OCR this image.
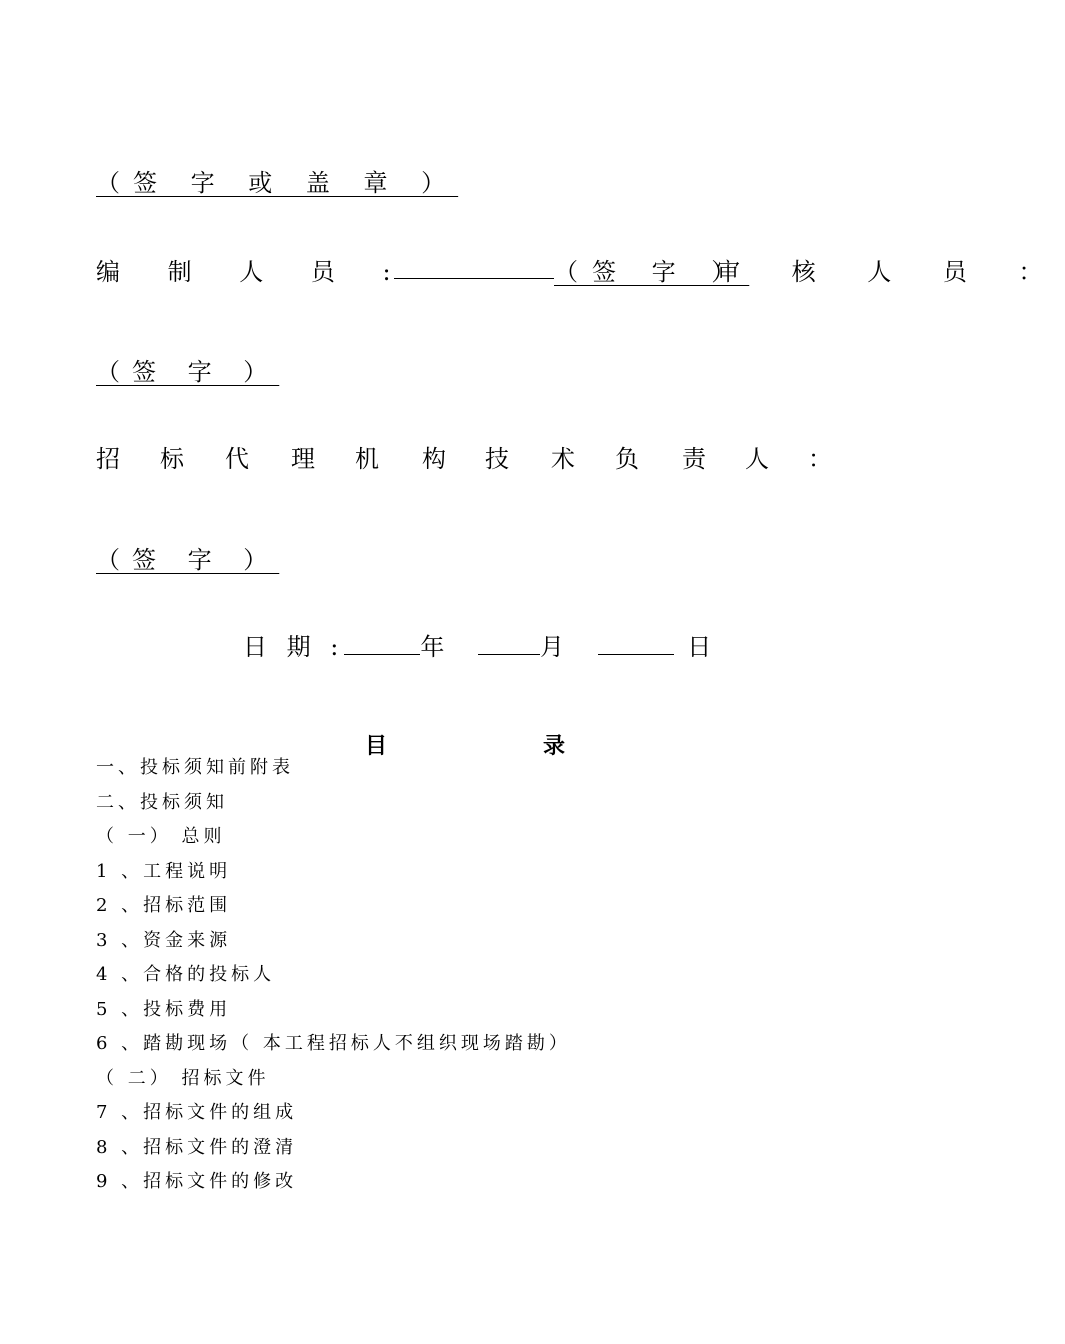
（签 字 或 盖 章 ）
编 制 人 员 :	（签 字 ）
审 核 人 员 ：
（签 字 ）
招 标 代 理 机 构 技 术 负 责 人 ：
（签 字 ）
日 期 :	年	月	日
目	录
一、投标须知前附表
二、投标须知
（ 一） 总则
1 、工程说明
2 、招标范围
3 、资金来源
4 、合格的投标人
5 、投标费用
6 、踏勘现场（ 本工程招标人不组织现场踏勘）
（ 二） 招标文件
7 、招标文件的组成
8 、招标文件的澄清
9 、招标文件的修改
